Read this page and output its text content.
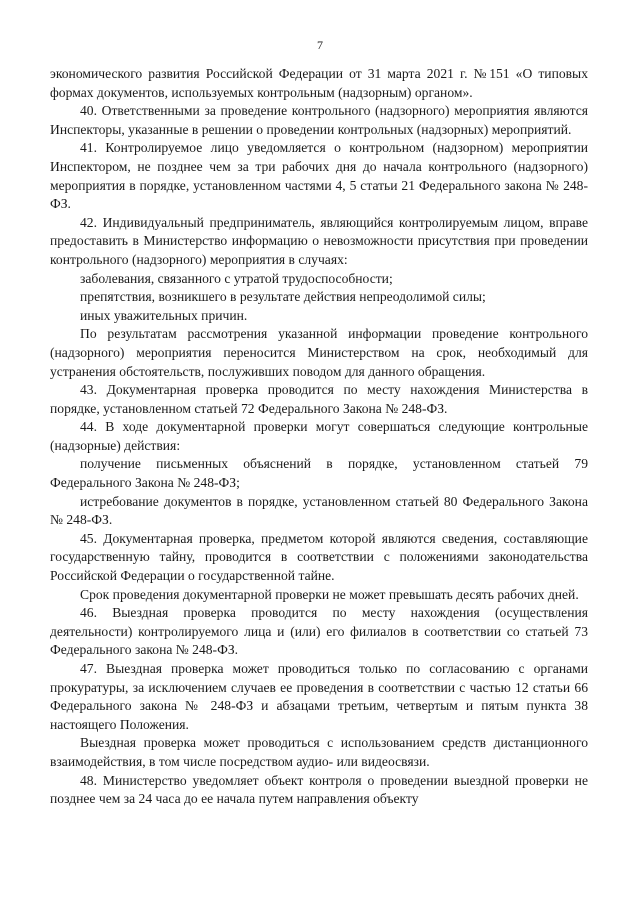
7

экономического развития Российской Федерации от 31 марта 2021 г. №151 «О типовых формах документов, используемых контрольным (надзорным) органом».

40. Ответственными за проведение контрольного (надзорного) мероприятия являются Инспекторы, указанные в решении о проведении контрольных (надзорных) мероприятий.

41. Контролируемое лицо уведомляется о контрольном (надзорном) мероприятии Инспектором, не позднее чем за три рабочих дня до начала контрольного (надзорного) мероприятия в порядке, установленном частями 4, 5 статьи 21 Федерального закона № 248-ФЗ.

42. Индивидуальный предприниматель, являющийся контролируемым лицом, вправе предоставить в Министерство информацию о невозможности присутствия при проведении контрольного (надзорного) мероприятия в случаях:

заболевания, связанного с утратой трудоспособности;

препятствия, возникшего в результате действия непреодолимой силы;

иных уважительных причин.

По результатам рассмотрения указанной информации проведение контрольного (надзорного) мероприятия переносится Министерством на срок, необходимый для устранения обстоятельств, послуживших поводом для данного обращения.

43. Документарная проверка проводится по месту нахождения Министерства в порядке, установленном статьей 72 Федерального Закона № 248-ФЗ.

44. В ходе документарной проверки могут совершаться следующие контрольные (надзорные) действия:

получение письменных объяснений в порядке, установленном статьей 79 Федерального Закона № 248-ФЗ;

истребование документов в порядке, установленном статьей 80 Федерального Закона № 248-ФЗ.

45. Документарная проверка, предметом которой являются сведения, составляющие государственную тайну, проводится в соответствии с положениями законодательства Российской Федерации о государственной тайне.

Срок проведения документарной проверки не может превышать десять рабочих дней.

46. Выездная проверка проводится по месту нахождения (осуществления деятельности) контролируемого лица и (или) его филиалов в соответствии со статьей 73 Федерального закона № 248-ФЗ.

47. Выездная проверка может проводиться только по согласованию с органами прокуратуры, за исключением случаев ее проведения в соответствии с частью 12 статьи 66 Федерального закона № 248-ФЗ и абзацами третьим, четвертым и пятым пункта 38 настоящего Положения.

Выездная проверка может проводиться с использованием средств дистанционного взаимодействия, в том числе посредством аудио- или видеосвязи.

48. Министерство уведомляет объект контроля о проведении выездной проверки не позднее чем за 24 часа до ее начала путем направления объекту
